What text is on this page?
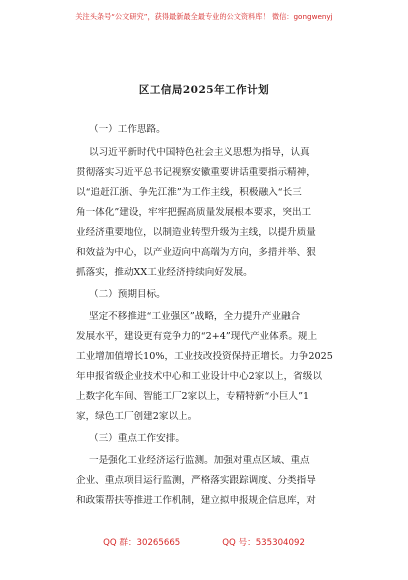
关注头条号“公文研究”，获得最新最全最专业的公文资料库！ 微信：gongwenyj
区工信局2025年工作计划
（一）工作思路。
以习近平新时代中国特色社会主义思想为指导，认真
贯彻落实习近平总书记视察安徽重要讲话重要指示精神，
以“追赶江浙、争先江淮”为工作主线，积极融入“长三
角一体化”建设，牢牢把握高质量发展根本要求，突出工
业经济重要地位，以制造业转型升级为主线，以提升质量
和效益为中心，以产业迈向中高端为方向，多措并举、狠
抓落实，推动XX工业经济持续向好发展。
（二）预期目标。
坚定不移推进“工业强区”战略，全力提升产业融合
发展水平，建设更有竞争力的“2+4”现代产业体系。规上
工业增加值增长10%，工业技改投资保持正增长。力争2025
年申报省级企业技术中心和工业设计中心2家以上，省级以
上数字化车间、智能工厂2家以上，专精特新“小巨人”1
家，绿色工厂创建2家以上。
（三）重点工作安排。
一是强化工业经济运行监测。加强对重点区域、重点
企业、重点项目运行监测，严格落实跟踪调度、分类指导
和政策帮扶等推进工作机制，建立拟申报规企信息库，对
QQ 群：30265665	QQ 号：535304092
